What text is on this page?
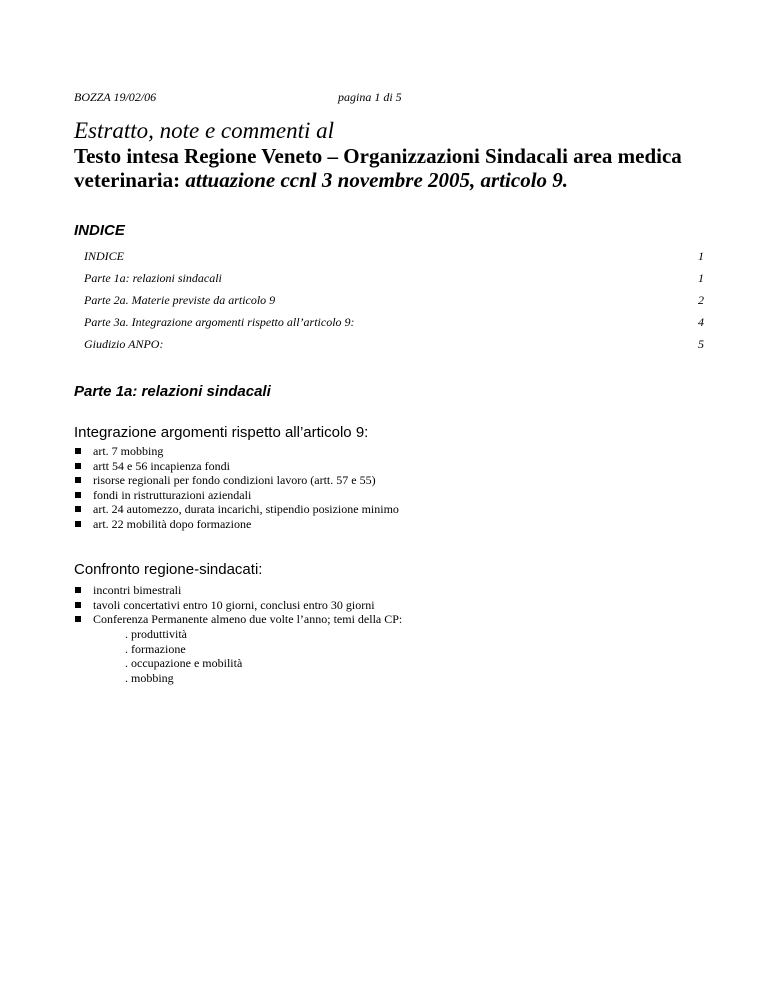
BOZZA 19/02/06	pagina 1 di 5

Estratto, note e commenti al

Testo intesa Regione Veneto – Organizzazioni Sindacali area medica

veterinaria: attuazione ccnl 3 novembre 2005, articolo 9.

INDICE
INDICE	1
Parte 1a: relazioni sindacali	1
Parte 2a. Materie previste da articolo 9	2
Parte 3a. Integrazione argomenti rispetto all’articolo 9:	4
Giudizio ANPO:	5
Parte 1a: relazioni sindacali
Integrazione argomenti rispetto all’articolo 9:
art. 7 mobbing
artt 54 e 56 incapienza fondi
risorse regionali per fondo condizioni lavoro (artt. 57 e 55)
fondi in ristrutturazioni aziendali
art. 24 automezzo, durata incarichi, stipendio posizione minimo
art. 22 mobilità dopo formazione
Confronto regione-sindacati:
incontri bimestrali
tavoli concertativi entro 10 giorni, conclusi entro 30 giorni
Conferenza Permanente almeno due volte l’anno; temi della CP:
. produttività
. formazione
. occupazione e mobilità
. mobbing
